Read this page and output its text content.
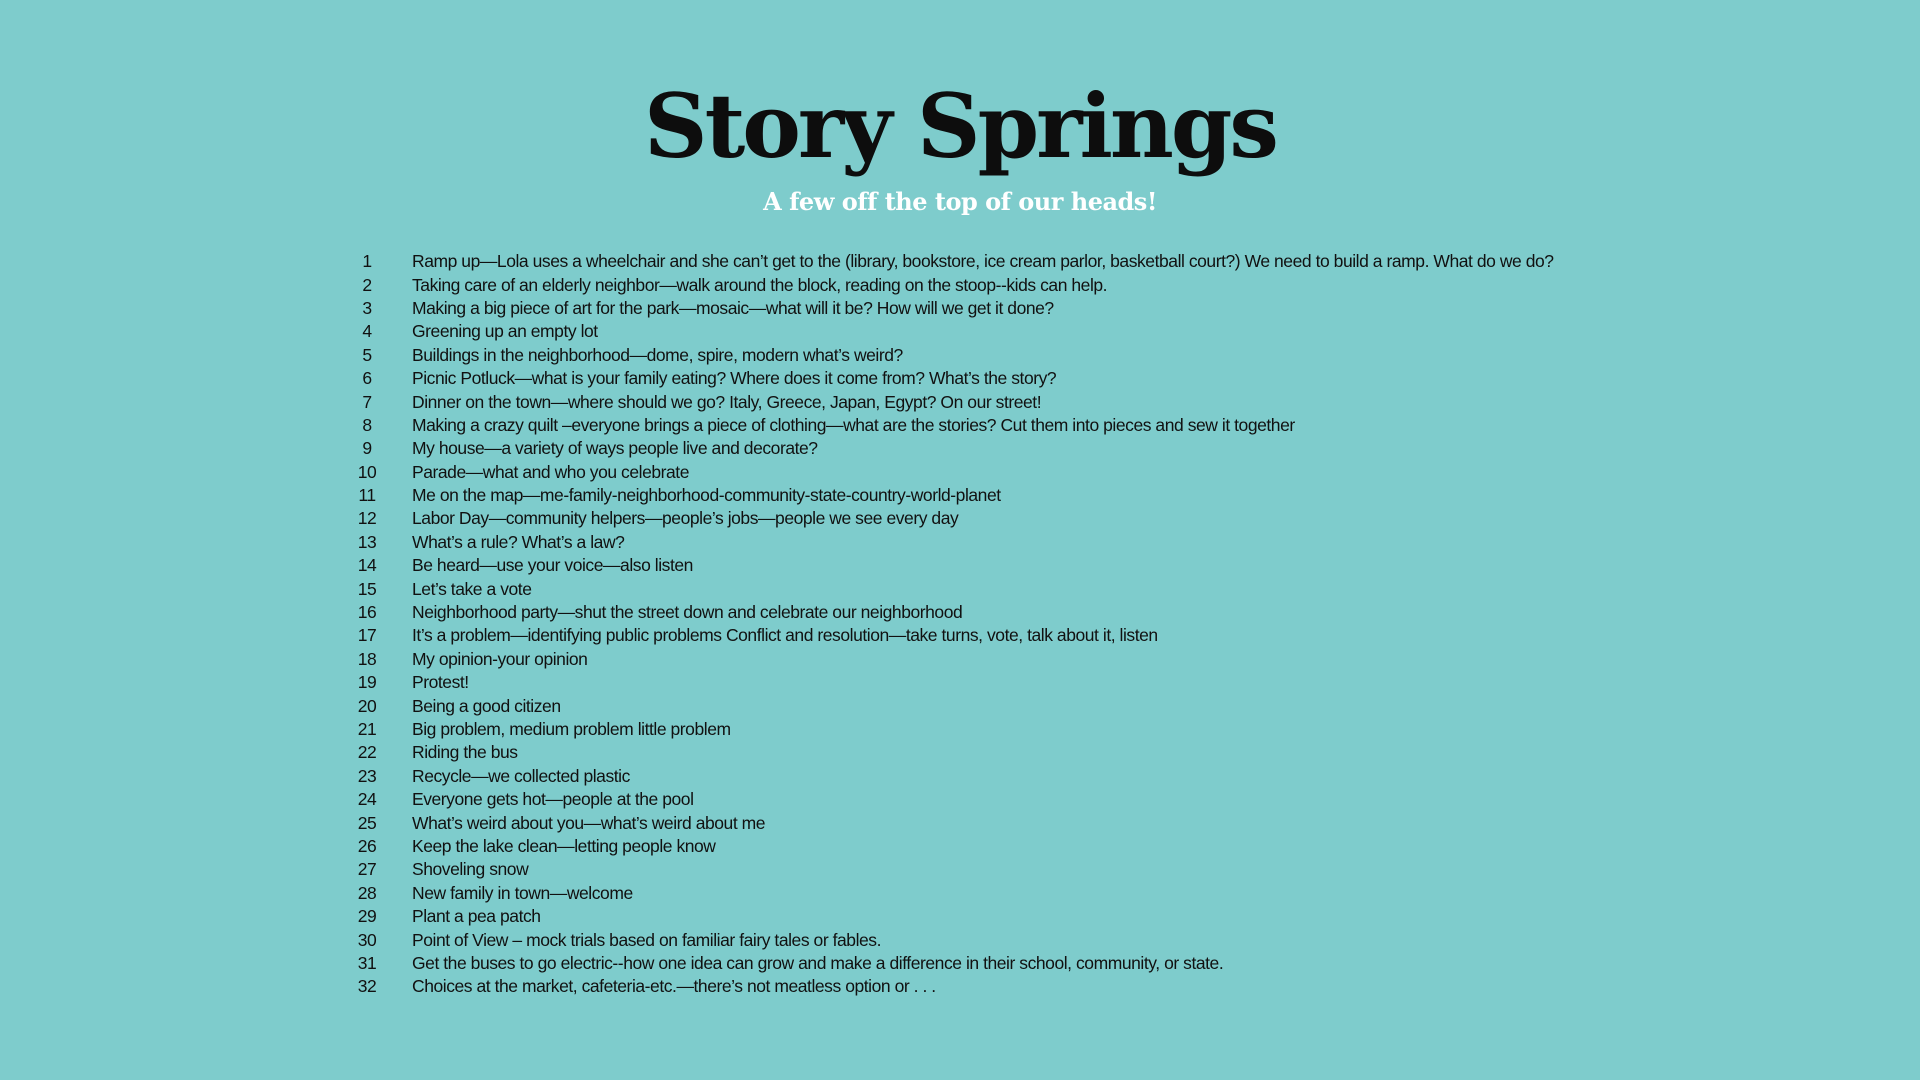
Story Springs

A few off the top of our heads!

1	Ramp up—Lola uses a wheelchair and she can’t get to the (library, bookstore, ice cream parlor, basketball court?) We need to build a ramp. What do we do?
2	Taking care of an elderly neighbor—walk around the block, reading on the stoop--kids can help.
3	Making a big piece of art for the park—mosaic—what will it be? How will we get it done?
4	Greening up an empty lot
5	Buildings in the neighborhood—dome, spire, modern what’s weird?
6	Picnic Potluck—what is your family eating? Where does it come from? What’s the story?
7	Dinner on the town—where should we go? Italy, Greece, Japan, Egypt? On our street!
8	Making a crazy quilt –everyone brings a piece of clothing—what are the stories? Cut them into pieces and sew it together
9	My house—a variety of ways people live and decorate?
10	Parade—what and who you celebrate
11	Me on the map—me-family-neighborhood-community-state-country-world-planet
12	Labor Day—community helpers—people’s jobs—people we see every day
13	What’s a rule? What’s a law?
14	Be heard—use your voice—also listen
15	Let’s take a vote
16	Neighborhood party—shut the street down and celebrate our neighborhood
17	It’s a problem—identifying public problems Conflict and resolution—take turns, vote, talk about it, listen
18	My opinion-your opinion
19	Protest!
20	Being a good citizen
21	Big problem, medium problem little problem
22	Riding the bus
23	Recycle—we collected plastic
24	Everyone gets hot—people at the pool
25	What’s weird about you—what’s weird about me
26	Keep the lake clean—letting people know
27	Shoveling snow
28	New family in town—welcome
29	Plant a pea patch
30	Point of View – mock trials based on familiar fairy tales or fables.
31	Get the buses to go electric--how one idea can grow and make a difference in their school, community, or state.
32	Choices at the market, cafeteria-etc.—there’s not meatless option or . . .
